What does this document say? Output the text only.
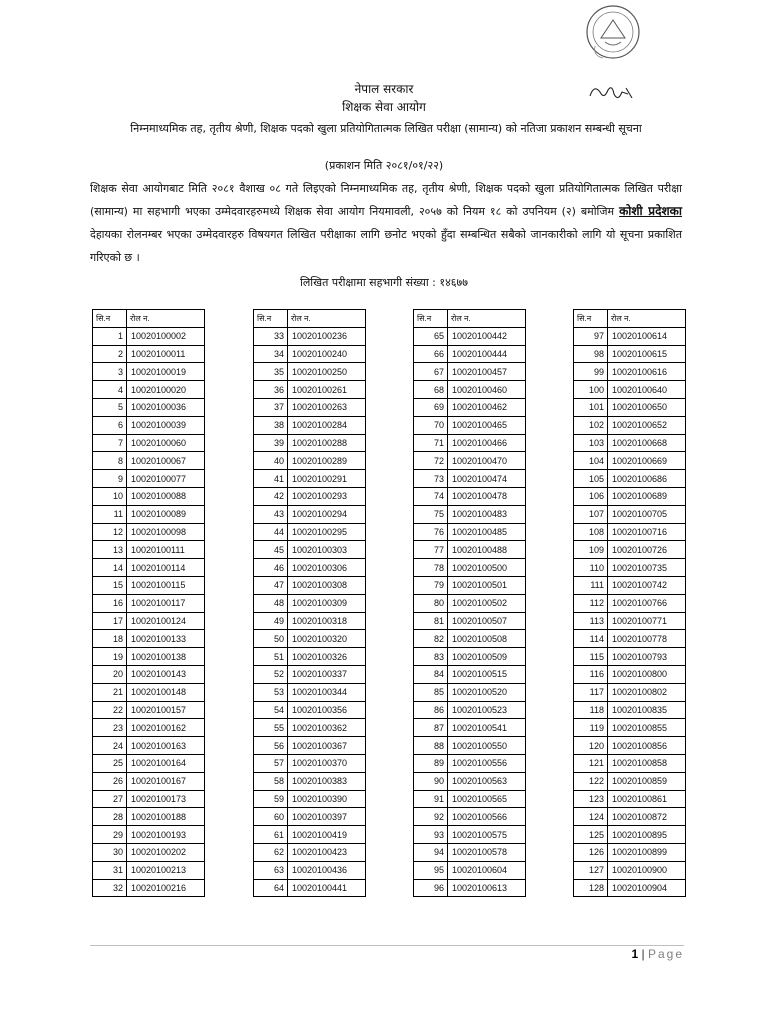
नेपाल सरकार
शिक्षक सेवा आयोग
निम्नमाध्यमिक तह, तृतीय श्रेणी, शिक्षक पदको खुला प्रतियोगितात्मक लिखित परीक्षा (सामान्य) को नतिजा प्रकाशन सम्बन्धी सूचना
(प्रकाशन मिति २०८१/०१/२२)
शिक्षक सेवा आयोगबाट मिति २०८१ वैशाख ०८ गते लिइएको निम्नमाध्यमिक तह, तृतीय श्रेणी, शिक्षक पदको खुला प्रतियोगितात्मक लिखित परीक्षा (सामान्य) मा सहभागी भएका उम्मेदवारहरुमध्ये शिक्षक सेवा आयोग नियमावली, २०५७ को नियम १८ को उपनियम (२) बमोजिम कोशी प्रदेशका देहायका रोलनम्बर भएका उम्मेदवारहरु विषयगत लिखित परीक्षाका लागि छनोट भएको हुँदा सम्बन्धित सबैको जानकारीको लागि यो सूचना प्रकाशित गरिएको छ ।
लिखित परीक्षामा सहभागी संख्या : १४६७७
सि.न	रोल न.
1	10020100002
2	10020100011
3	10020100019
4	10020100020
5	10020100036
6	10020100039
7	10020100060
8	10020100067
9	10020100077
10	10020100088
11	10020100089
12	10020100098
13	10020100111
14	10020100114
15	10020100115
16	10020100117
17	10020100124
18	10020100133
19	10020100138
20	10020100143
21	10020100148
22	10020100157
23	10020100162
24	10020100163
25	10020100164
26	10020100167
27	10020100173
28	10020100188
29	10020100193
30	10020100202
31	10020100213
32	10020100216
सि.न	रोल न.
33	10020100236
34	10020100240
35	10020100250
36	10020100261
37	10020100263
38	10020100284
39	10020100288
40	10020100289
41	10020100291
42	10020100293
43	10020100294
44	10020100295
45	10020100303
46	10020100306
47	10020100308
48	10020100309
49	10020100318
50	10020100320
51	10020100326
52	10020100337
53	10020100344
54	10020100356
55	10020100362
56	10020100367
57	10020100370
58	10020100383
59	10020100390
60	10020100397
61	10020100419
62	10020100423
63	10020100436
64	10020100441
सि.न	रोल न.
65	10020100442
66	10020100444
67	10020100457
68	10020100460
69	10020100462
70	10020100465
71	10020100466
72	10020100470
73	10020100474
74	10020100478
75	10020100483
76	10020100485
77	10020100488
78	10020100500
79	10020100501
80	10020100502
81	10020100507
82	10020100508
83	10020100509
84	10020100515
85	10020100520
86	10020100523
87	10020100541
88	10020100550
89	10020100556
90	10020100563
91	10020100565
92	10020100566
93	10020100575
94	10020100578
95	10020100604
96	10020100613
सि.न	रोल न.
97	10020100614
98	10020100615
99	10020100616
100	10020100640
101	10020100650
102	10020100652
103	10020100668
104	10020100669
105	10020100686
106	10020100689
107	10020100705
108	10020100716
109	10020100726
110	10020100735
111	10020100742
112	10020100766
113	10020100771
114	10020100778
115	10020100793
116	10020100800
117	10020100802
118	10020100835
119	10020100855
120	10020100856
121	10020100858
122	10020100859
123	10020100861
124	10020100872
125	10020100895
126	10020100899
127	10020100900
128	10020100904
1 | Page
